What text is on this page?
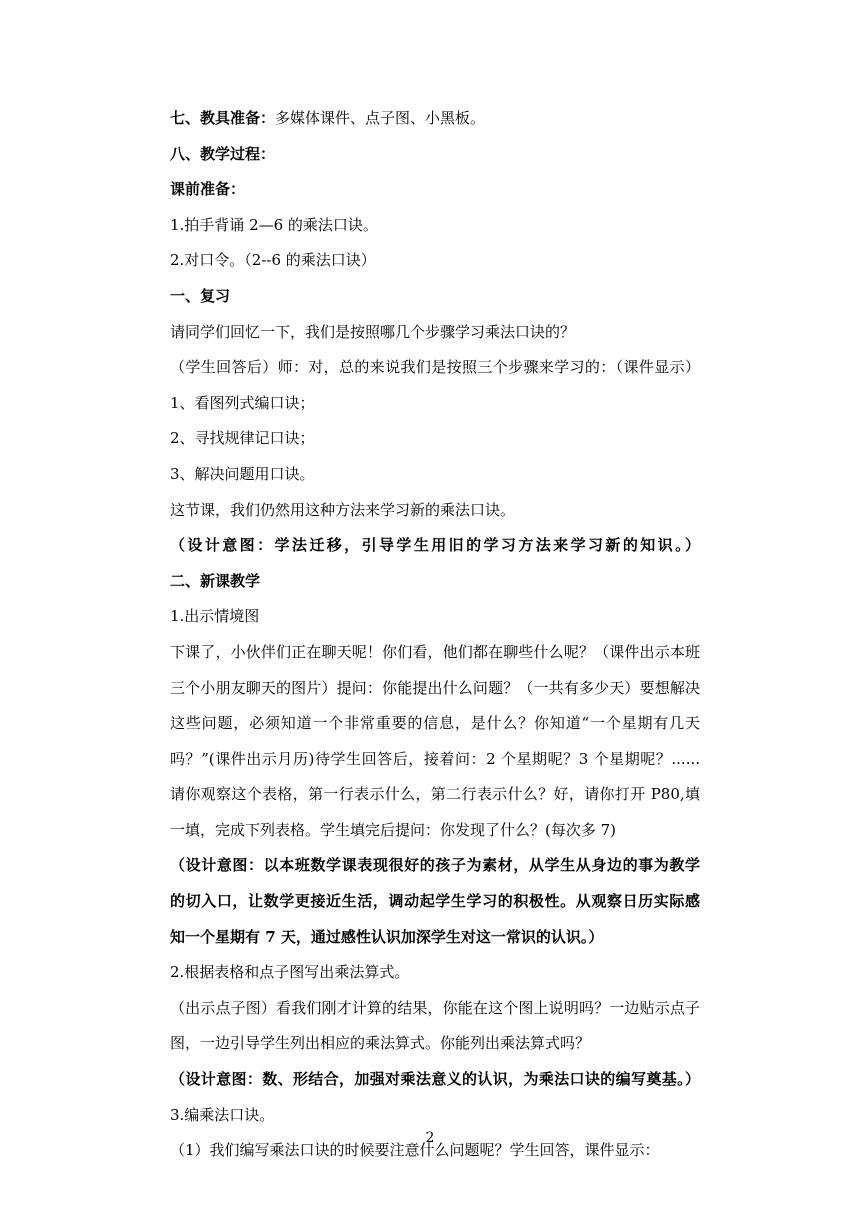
七、教具准备：多媒体课件、点子图、小黑板。
八、教学过程：
课前准备：
1.拍手背诵 2—6 的乘法口诀。
2.对口令。（2--6 的乘法口诀）
一、复习
请同学们回忆一下，我们是按照哪几个步骤学习乘法口诀的？
（学生回答后）师：对，总的来说我们是按照三个步骤来学习的：（课件显示）
1、看图列式编口诀；
2、寻找规律记口诀；
3、解决问题用口诀。
这节课，我们仍然用这种方法来学习新的乘法口诀。
（设计意图：学法迁移，引导学生用旧的学习方法来学习新的知识。）
二、新课教学
1.出示情境图
下课了，小伙伴们正在聊天呢！你们看，他们都在聊些什么呢？（课件出示本班
三个小朋友聊天的图片）提问：你能提出什么问题？（一共有多少天）要想解决
这些问题，必须知道一个非常重要的信息，是什么？你知道“一个星期有几天
吗？”(课件出示月历)待学生回答后，接着问：2 个星期呢？3 个星期呢？......
请你观察这个表格，第一行表示什么，第二行表示什么？好，请你打开 P80,填
一填，完成下列表格。学生填完后提问：你发现了什么？(每次多 7)
（设计意图：以本班数学课表现很好的孩子为素材，从学生从身边的事为教学
的切入口，让数学更接近生活，调动起学生学习的积极性。从观察日历实际感
知一个星期有 7 天，通过感性认识加深学生对这一常识的认识。）
2.根据表格和点子图写出乘法算式。
（出示点子图）看我们刚才计算的结果，你能在这个图上说明吗？一边贴示点子
图，一边引导学生列出相应的乘法算式。你能列出乘法算式吗？
（设计意图：数、形结合，加强对乘法意义的认识，为乘法口诀的编写奠基。）
3.编乘法口诀。
（1）我们编写乘法口诀的时候要注意什么问题呢？学生回答，课件显示：
2
